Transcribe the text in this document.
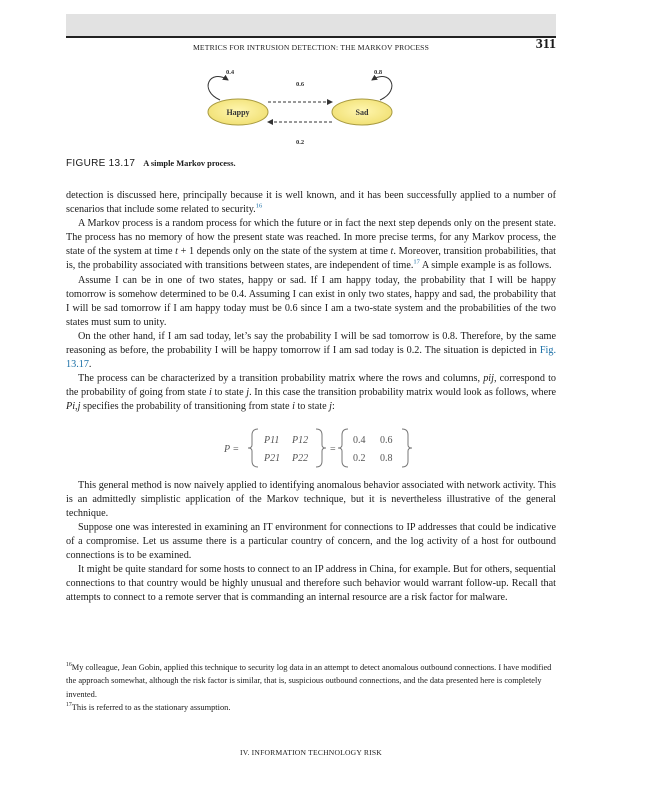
METRICS FOR INTRUSION DETECTION: THE MARKOV PROCESS	311
Happy	Sad
0.4	0.8
0.6
0.2
FIGURE 13.17 A simple Markov process.

detection is discussed here, principally because it is well known, and it has been successfully applied to a number of scenarios that include some related to security.$^{16}$

A Markov process is a random process for which the future or in fact the next step depends only on the present state. The process has no memory of how the present state was reached. In more precise terms, for any Markov process, the state of the system at time t + 1 depends only on the state of the system at time t. Moreover, transition probabilities, that is, the probability associated with transitions between states, are independent of time.$^{17}$ A simple example is as follows.

Assume I can be in one of two states, happy or sad. If I am happy today, the probability that I will be happy tomorrow is somehow determined to be 0.4. Assuming I can exist in only two states, happy and sad, the probability that I will be sad tomorrow if I am happy today must be 0.6 since I am a two-state system and the probabilities of the two states must sum to unity.

On the other hand, if I am sad today, let’s say the probability I will be sad tomorrow is 0.8. Therefore, by the same reasoning as before, the probability I will be happy tomorrow if I am sad today is 0.2. The situation is depicted in Fig. 13.17.

The process can be characterized by a transition probability matrix where the rows and columns, pij, correspond to the probability of going from state i to state j. In this case the transition probability matrix would look as follows, where Pi,j specifies the probability of transitioning from state i to state j:

P =
P11 P12
P21 P22
=
0.4 0.6
0.2 0.8

This general method is now naively applied to identifying anomalous behavior associated with network activity. This is an admittedly simplistic application of the Markov technique, but it is nevertheless illustrative of the general technique.

Suppose one was interested in examining an IT environment for connections to IP addresses that could be indicative of a compromise. Let us assume there is a particular country of concern, and the log activity of a host for outbound connections is to be examined.

It might be quite standard for some hosts to connect to an IP address in China, for example. But for others, sequential connections to that country would be highly unusual and therefore such behavior would warrant follow-up. Recall that attempts to connect to a remote server that is commanding an internal resource are a risk factor for malware.

$^{16}$My colleague, Jean Gobin, applied this technique to security log data in an attempt to detect anomalous outbound connections. I have modified the approach somewhat, although the risk factor is similar, that is, suspicious outbound connections, and the data presented here is completely invented.

$^{17}$This is referred to as the stationary assumption.

IV. INFORMATION TECHNOLOGY RISK
